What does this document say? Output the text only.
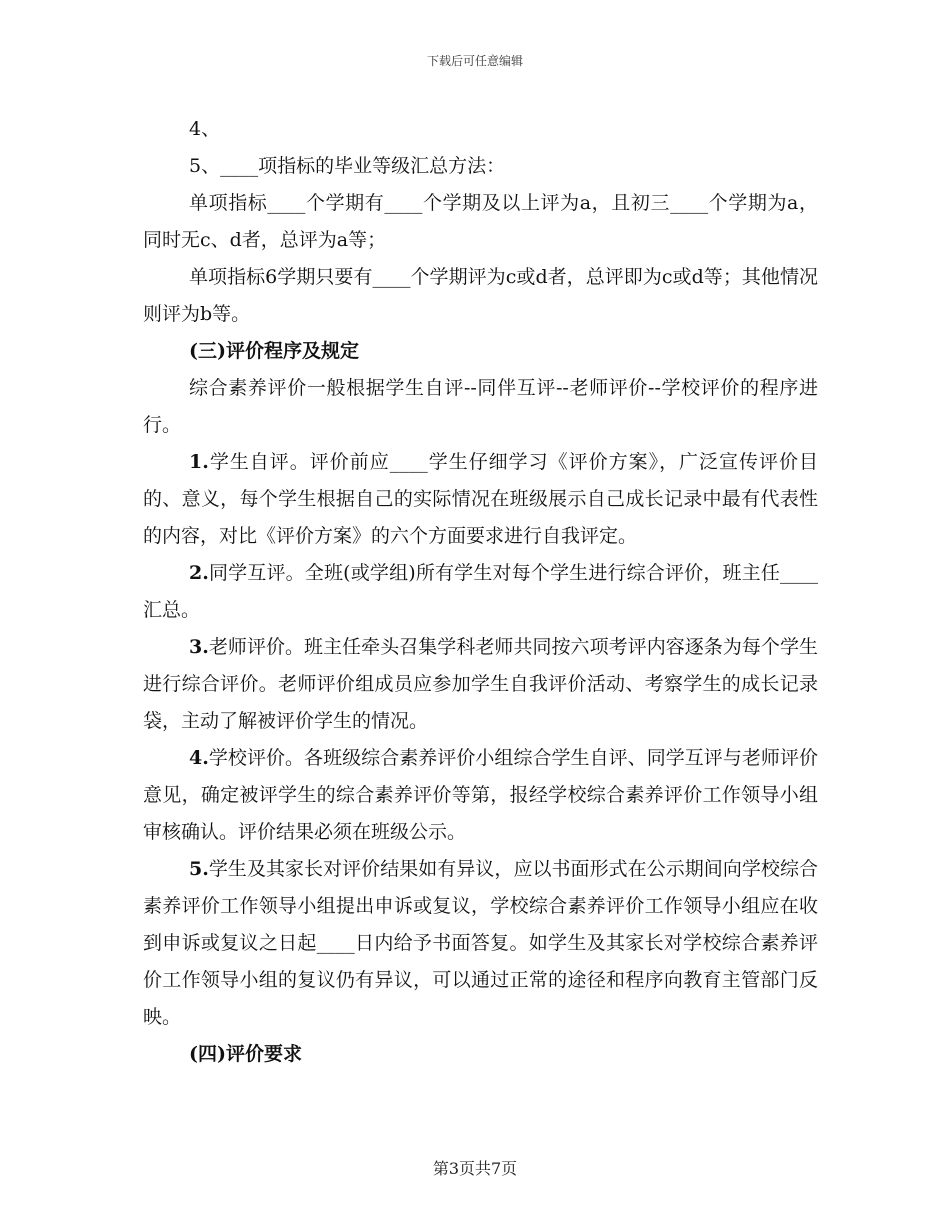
下载后可任意编辑

4、

5、____项指标的毕业等级汇总方法：

单项指标____个学期有____个学期及以上评为a，且初三____个学期为a，同时无c、d者，总评为a等；

单项指标6学期只要有____个学期评为c或d者，总评即为c或d等；其他情况则评为b等。

(三)评价程序及规定

综合素养评价一般根据学生自评--同伴互评--老师评价--学校评价的程序进行。

1.学生自评。评价前应____学生仔细学习《评价方案》，广泛宣传评价目的、意义，每个学生根据自己的实际情况在班级展示自己成长记录中最有代表性的内容，对比《评价方案》的六个方面要求进行自我评定。

2.同学互评。全班(或学组)所有学生对每个学生进行综合评价，班主任____汇总。

3.老师评价。班主任牵头召集学科老师共同按六项考评内容逐条为每个学生进行综合评价。老师评价组成员应参加学生自我评价活动、考察学生的成长记录袋，主动了解被评价学生的情况。

4.学校评价。各班级综合素养评价小组综合学生自评、同学互评与老师评价意见，确定被评学生的综合素养评价等第，报经学校综合素养评价工作领导小组审核确认。评价结果必须在班级公示。

5.学生及其家长对评价结果如有异议，应以书面形式在公示期间向学校综合素养评价工作领导小组提出申诉或复议，学校综合素养评价工作领导小组应在收到申诉或复议之日起____日内给予书面答复。如学生及其家长对学校综合素养评价工作领导小组的复议仍有异议，可以通过正常的途径和程序向教育主管部门反映。

(四)评价要求

第3页共7页
